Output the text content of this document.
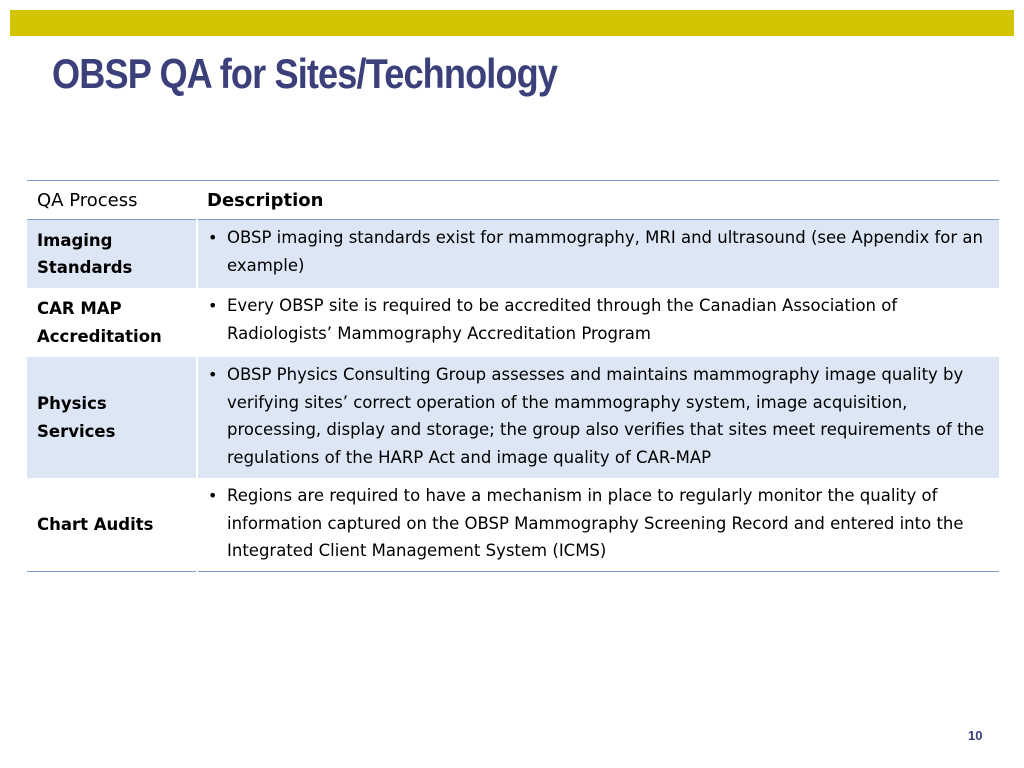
OBSP QA for Sites/Technology
QA Process	Description
Imaging Standards	• OBSP imaging standards exist for mammography, MRI and ultrasound (see Appendix for an example)

CAR MAP Accreditation	• Every OBSP site is required to be accredited through the Canadian Association of Radiologists’ Mammography Accreditation Program

Physics Services	• OBSP Physics Consulting Group assesses and maintains mammography image quality by verifying sites’ correct operation of the mammography system, image acquisition, processing, display and storage; the group also verifies that sites meet requirements of the regulations of the HARP Act and image quality of CAR-MAP

Chart Audits	• Regions are required to have a mechanism in place to regularly monitor the quality of information captured on the OBSP Mammography Screening Record and entered into the Integrated Client Management System (ICMS)
10
